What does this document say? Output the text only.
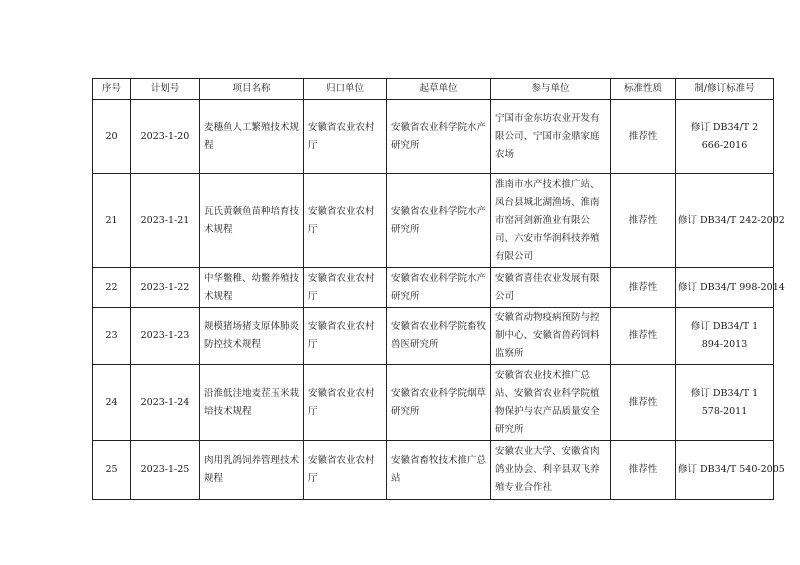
序号	计划号	项目名称	归口单位	起草单位	参与单位	标准性质	制/修订标准号
20	2023-1-20	麦穗鱼人工繁殖技术规程	安徽省农业农村厅	安徽省农业科学院水产研究所	宁国市金东坊农业开发有限公司、宁国市金鼎家庭农场	推荐性	修订 DB34/T 2666-2016
21	2023-1-21	瓦氏黄颡鱼苗种培育技术规程	安徽省农业农村厅	安徽省农业科学院水产研究所	淮南市水产技术推广站、凤台县城北湖渔场、淮南市窑河剑新渔业有限公司、六安市华润科技养殖有限公司	推荐性	修订 DB34/T 242-2002
22	2023-1-22	中华鳖稚、幼鳖养殖技术规程	安徽省农业农村厅	安徽省农业科学院水产研究所	安徽省喜佳农业发展有限公司	推荐性	修订 DB34/T 998-2014
23	2023-1-23	规模猪场猪支原体肺炎防控技术规程	安徽省农业农村厅	安徽省农业科学院畜牧兽医研究所	安徽省动物疫病预防与控制中心、安徽省兽药饲料监察所	推荐性	修订 DB34/T 1894-2013
24	2023-1-24	沿淮低洼地麦茬玉米栽培技术规程	安徽省农业农村厅	安徽省农业科学院烟草研究所	安徽省农业技术推广总站、安徽省农业科学院植物保护与农产品质量安全研究所	推荐性	修订 DB34/T 1578-2011
25	2023-1-25	肉用乳鸽饲养管理技术规程	安徽省农业农村厅	安徽省畜牧技术推广总站	安徽农业大学、安徽省肉鸽业协会、利辛县双飞养殖专业合作社	推荐性	修订 DB34/T 540-2005
